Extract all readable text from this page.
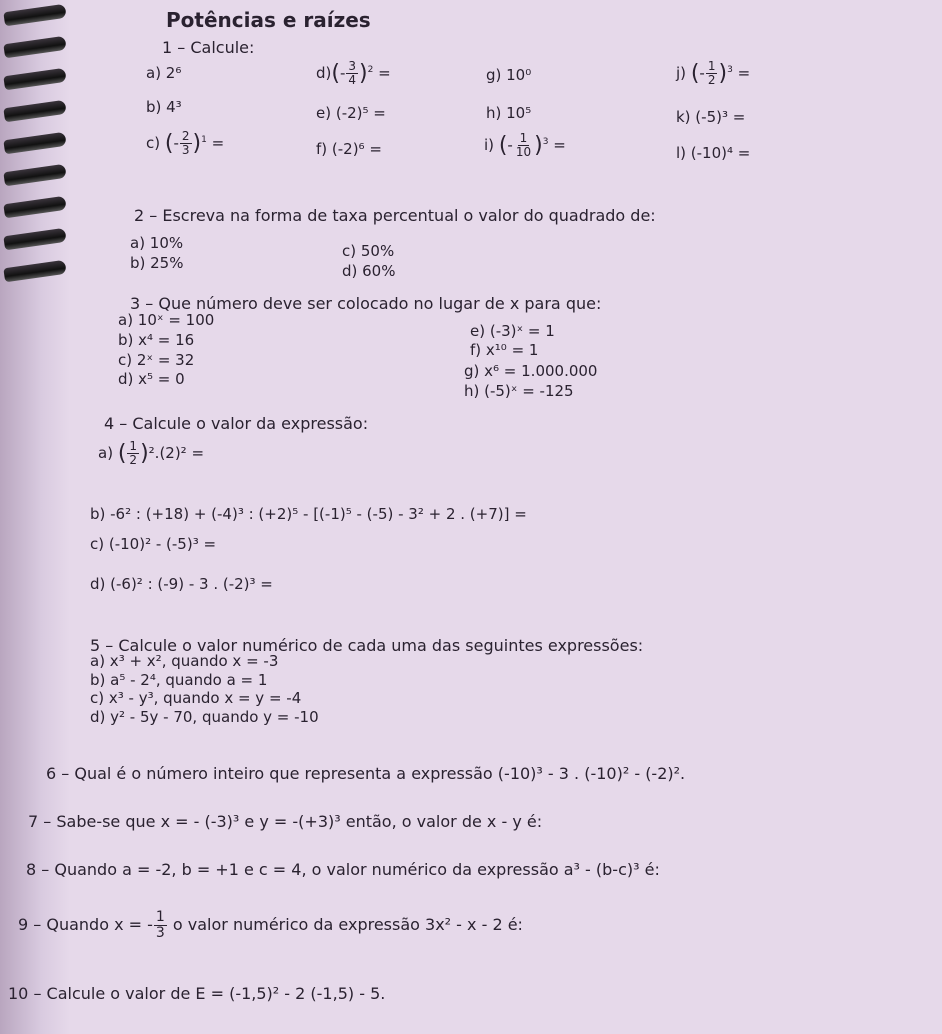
Potências e raízes
1 – Calcule:
a) 2⁶
b) 4³
c) (- $\frac{2}{3} )^1$ =
$d)(- \frac{3}{4} )^2$ =
e) (-2)⁵ =
f) (-2)⁶ =
g) 10⁰
h) 10⁵
i) (- $\frac{1}{10} )^3$ =
j) (- $\frac{1}{2} )^3$ =
k) (-5)³ =
l) (-10)⁴ =
2 – Escreva na forma de taxa percentual o valor do quadrado de:
a) 10%
b) 25%
c) 50%
d) 60%
3 – Que número deve ser colocado no lugar de x para que:
a) 10ˣ = 100
b) x⁴ = 16
c) 2ˣ = 32
d) x⁵ = 0
e) (-3)ˣ = 1
f) x¹⁰ = 1
g) x⁶ = 1.000.000
h) (-5)ˣ = -125
4 – Calcule o valor da expressão:
a) ( $\frac{1}{2} )^2.(2)^2$ =
b) -6² : (+18) + (-4)³ : (+2)⁵ - [(-1)⁵ - (-5) - 3² + 2 . (+7)] =
c) (-10)² - (-5)³ =
d) (-6)² : (-9) - 3 . (-2)³ =
5 – Calcule o valor numérico de cada uma das seguintes expressões:
a) x³ + x², quando x = -3
b) a⁵ - 2⁴, quando a = 1
c) x³ - y³, quando x = y = -4
d) y² - 5y - 70, quando y = -10
6 – Qual é o número inteiro que representa a expressão (-10)³ - 3 . (-10)² - (-2)².
7 – Sabe-se que x = - (-3)³ e y = -(+3)³ então, o valor de x - y é:
8 – Quando a = -2, b = +1 e c = 4, o valor numérico da expressão a³ - (b-c)³ é:
9 – Quando x = - $\frac{1}{3}$ o valor numérico da expressão 3x² - x - 2 é:
10 – Calcule o valor de E = (-1,5)² - 2 (-1,5) - 5.
